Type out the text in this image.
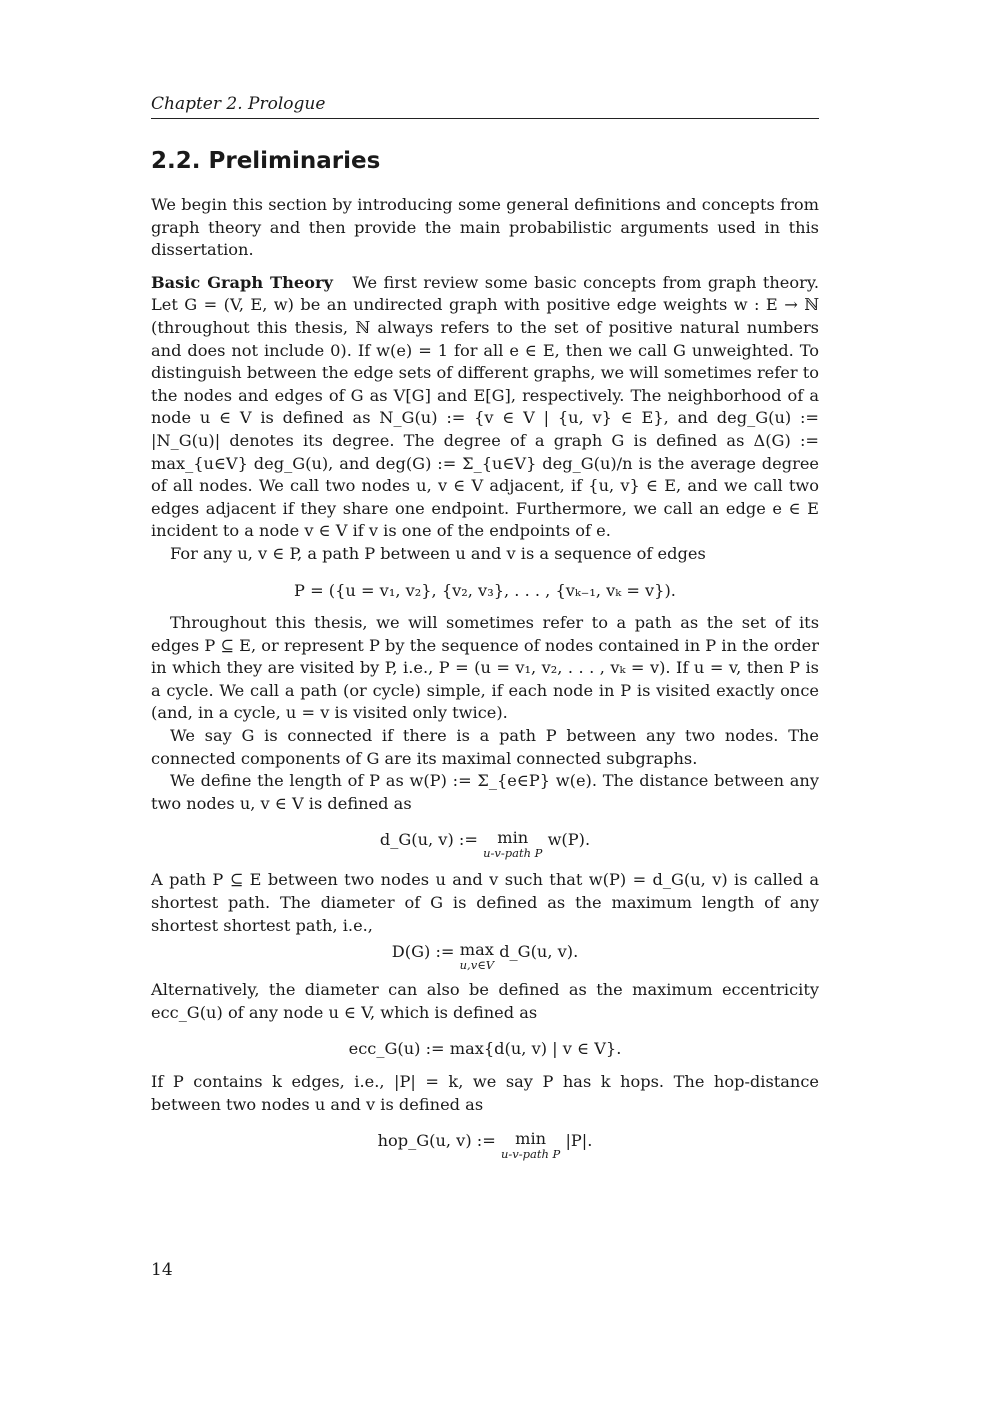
Chapter 2. Prologue
2.2. Preliminaries

We begin this section by introducing some general definitions and concepts from graph theory and then provide the main probabilistic arguments used in this dissertation.

Basic Graph Theory We first review some basic concepts from graph theory. Let G = (V, E, w) be an undirected graph with positive edge weights w : E → ℕ (throughout this thesis, ℕ always refers to the set of positive natural numbers and does not include 0). If w(e) = 1 for all e ∈ E, then we call G unweighted. To distinguish between the edge sets of different graphs, we will sometimes refer to the nodes and edges of G as V[G] and E[G], respectively. The neighborhood of a node u ∈ V is defined as N_G(u) := {v ∈ V | {u, v} ∈ E}, and deg_G(u) := |N_G(u)| denotes its degree. The degree of a graph G is defined as Δ(G) := max_{u∈V} deg_G(u), and deg(G) := Σ_{u∈V} deg_G(u)/n is the average degree of all nodes. We call two nodes u, v ∈ V adjacent, if {u, v} ∈ E, and we call two edges adjacent if they share one endpoint. Furthermore, we call an edge e ∈ E incident to a node v ∈ V if v is one of the endpoints of e.

For any u, v ∈ P, a path P between u and v is a sequence of edges

P = ({u = v₁, v₂}, {v₂, v₃}, . . . , {vₖ₋₁, vₖ = v}).

Throughout this thesis, we will sometimes refer to a path as the set of its edges P ⊆ E, or represent P by the sequence of nodes contained in P in the order in which they are visited by P, i.e., P = (u = v₁, v₂, . . . , vₖ = v). If u = v, then P is a cycle. We call a path (or cycle) simple, if each node in P is visited exactly once (and, in a cycle, u = v is visited only twice).

We say G is connected if there is a path P between any two nodes. The connected components of G are its maximal connected subgraphs.

We define the length of P as w(P) := Σ_{e∈P} w(e). The distance between any two nodes u, v ∈ V is defined as

d_G(u, v) := min
u-v-path P
w(P).

A path P ⊆ E between two nodes u and v such that w(P) = d_G(u, v) is called a shortest path. The diameter of G is defined as the maximum length of any shortest shortest path, i.e.,

D(G) := max
u,v∈V
d_G(u, v).

Alternatively, the diameter can also be defined as the maximum eccentricity ecc_G(u) of any node u ∈ V, which is defined as

ecc_G(u) := max{d(u, v) | v ∈ V}.

If P contains k edges, i.e., |P| = k, we say P has k hops. The hop-distance between two nodes u and v is defined as

hop_G(u, v) := min
u-v-path P
|P|.
14
